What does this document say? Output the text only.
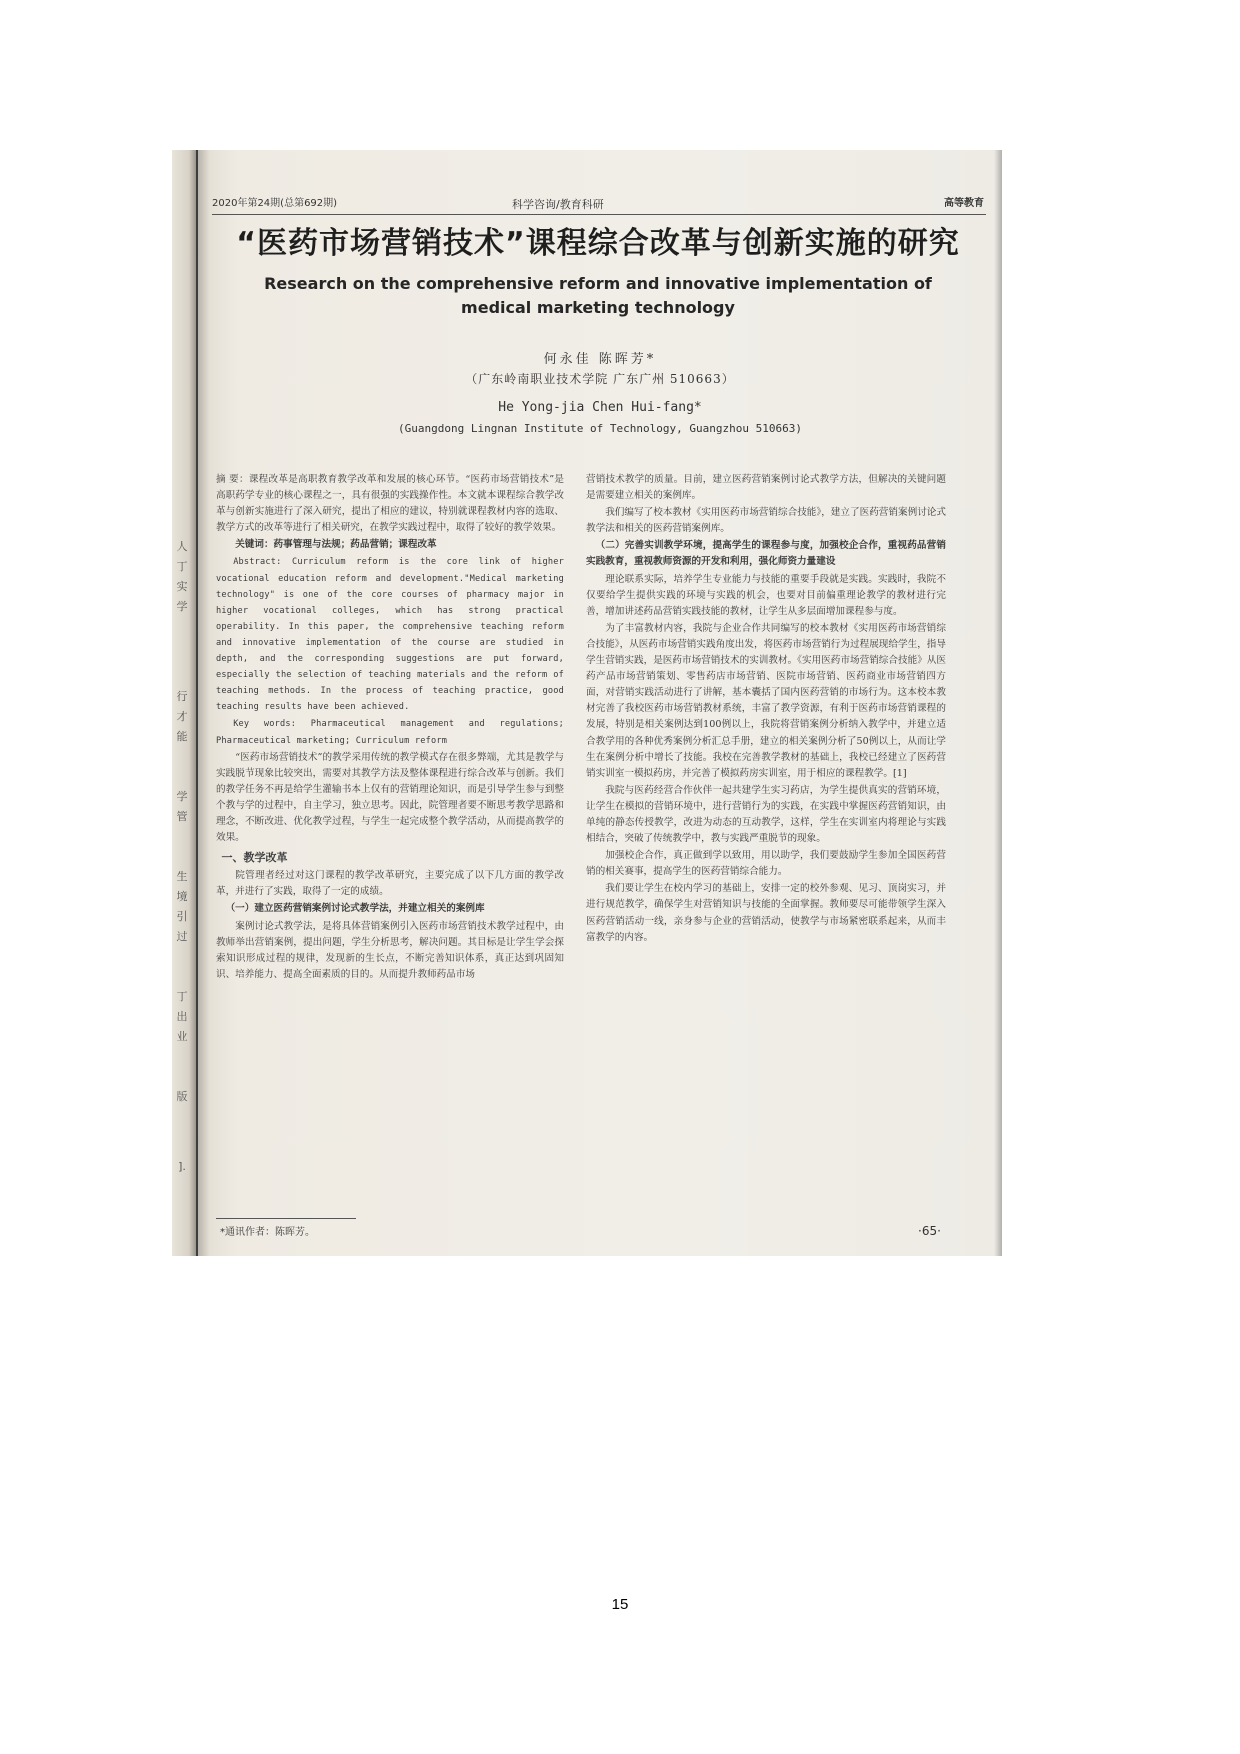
人
丁
实
学
行
才
能
学
管
生
境
引
过
丁
出
业
版
].
2020年第24期(总第692期)	科学咨询/教育科研	高等教育
“医药市场营销技术”课程综合改革与创新实施的研究
Research on the comprehensive reform and innovative implementation of medical marketing technology
何永佳 陈晖芳*
（广东岭南职业技术学院 广东广州 510663）
He Yong-jia Chen Hui-fang*
(Guangdong Lingnan Institute of Technology, Guangzhou 510663)

摘 要：课程改革是高职教育教学改革和发展的核心环节。“医药市场营销技术”是高职药学专业的核心课程之一，具有很强的实践操作性。本文就本课程综合教学改革与创新实施进行了深入研究，提出了相应的建议，特别就课程教材内容的选取、教学方式的改革等进行了相关研究，在教学实践过程中，取得了较好的教学效果。

关键词：药事管理与法规；药品营销；课程改革

Abstract: Curriculum reform is the core link of higher vocational education reform and development."Medical marketing technology" is one of the core courses of pharmacy major in higher vocational colleges, which has strong practical operability. In this paper, the comprehensive teaching reform and innovative implementation of the course are studied in depth, and the corresponding suggestions are put forward, especially the selection of teaching materials and the reform of teaching methods. In the process of teaching practice, good teaching results have been achieved.

Key words: Pharmaceutical management and regulations; Pharmaceutical marketing; Curriculum reform

“医药市场营销技术”的教学采用传统的教学模式存在很多弊端，尤其是教学与实践脱节现象比较突出，需要对其教学方法及整体课程进行综合改革与创新。我们的教学任务不再是给学生灌输书本上仅有的营销理论知识，而是引导学生参与到整个教与学的过程中，自主学习，独立思考。因此，院管理者要不断思考教学思路和理念，不断改进、优化教学过程，与学生一起完成整个教学活动，从而提高教学的效果。

一、教学改革

院管理者经过对这门课程的教学改革研究，主要完成了以下几方面的教学改革，并进行了实践，取得了一定的成绩。

（一）建立医药营销案例讨论式教学法，并建立相关的案例库

案例讨论式教学法，是将具体营销案例引入医药市场营销技术教学过程中，由教师举出营销案例，提出问题，学生分析思考，解决问题。其目标是让学生学会探索知识形成过程的规律，发现新的生长点，不断完善知识体系，真正达到巩固知识、培养能力、提高全面素质的目的。从而提升教师药品市场

营销技术教学的质量。目前，建立医药营销案例讨论式教学方法，但解决的关键问题是需要建立相关的案例库。

我们编写了校本教材《实用医药市场营销综合技能》，建立了医药营销案例讨论式教学法和相关的医药营销案例库。

（二）完善实训教学环境，提高学生的课程参与度，加强校企合作，重视药品营销实践教育，重视教师资源的开发和利用，强化师资力量建设

理论联系实际，培养学生专业能力与技能的重要手段就是实践。实践时，我院不仅要给学生提供实践的环境与实践的机会，也要对目前偏重理论教学的教材进行完善，增加讲述药品营销实践技能的教材，让学生从多层面增加课程参与度。

为了丰富教材内容，我院与企业合作共同编写的校本教材《实用医药市场营销综合技能》，从医药市场营销实践角度出发，将医药市场营销行为过程展现给学生，指导学生营销实践，是医药市场营销技术的实训教材。《实用医药市场营销综合技能》从医药产品市场营销策划、零售药店市场营销、医院市场营销、医药商业市场营销四方面，对营销实践活动进行了讲解，基本囊括了国内医药营销的市场行为。这本校本教材完善了我校医药市场营销教材系统，丰富了教学资源，有利于医药市场营销课程的发展，特别是相关案例达到100例以上，我院将营销案例分析纳入教学中，并建立适合教学用的各种优秀案例分析汇总手册，建立的相关案例分析了50例以上，从而让学生在案例分析中增长了技能。我校在完善教学教材的基础上，我校已经建立了医药营销实训室一模拟药房，并完善了模拟药房实训室，用于相应的课程教学。[1]

我院与医药经营合作伙伴一起共建学生实习药店，为学生提供真实的营销环境，让学生在模拟的营销环境中，进行营销行为的实践，在实践中掌握医药营销知识，由单纯的静态传授教学，改进为动态的互动教学，这样，学生在实训室内将理论与实践相结合，突破了传统教学中，教与实践严重脱节的现象。

加强校企合作，真正做到学以致用，用以助学，我们要鼓励学生参加全国医药营销的相关赛事，提高学生的医药营销综合能力。

我们要让学生在校内学习的基础上，安排一定的校外参观、见习、顶岗实习，并进行规范教学，确保学生对营销知识与技能的全面掌握。教师要尽可能带领学生深入医药营销活动一线，亲身参与企业的营销活动，使教学与市场紧密联系起来，从而丰富教学的内容。

*通讯作者：陈晖芳。	·65·
15
